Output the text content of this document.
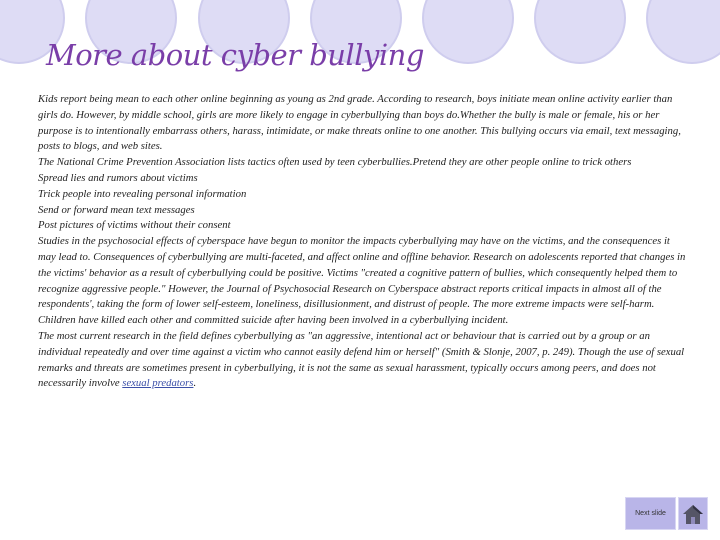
More about cyber bullying

Kids report being mean to each other online beginning as young as 2nd grade. According to research, boys initiate mean online activity earlier than girls do. However, by middle school, girls are more likely to engage in cyberbullying than boys do.Whether the bully is male or female, his or her purpose is to intentionally embarrass others, harass, intimidate, or make threats online to one another. This bullying occurs via email, text messaging, posts to blogs, and web sites.

The National Crime Prevention Association lists tactics often used by teen cyberbullies.Pretend they are other people online to trick others

Spread lies and rumors about victims

Trick people into revealing personal information

Send or forward mean text messages

Post pictures of victims without their consent

Studies in the psychosocial effects of cyberspace have begun to monitor the impacts cyberbullying may have on the victims, and the consequences it may lead to. Consequences of cyberbullying are multi-faceted, and affect online and offline behavior. Research on adolescents reported that changes in the victims' behavior as a result of cyberbullying could be positive. Victims "created a cognitive pattern of bullies, which consequently helped them to recognize aggressive people." However, the Journal of Psychosocial Research on Cyberspace abstract reports critical impacts in almost all of the respondents', taking the form of lower self-esteem, loneliness, disillusionment, and distrust of people. The more extreme impacts were self-harm. Children have killed each other and committed suicide after having been involved in a cyberbullying incident.

The most current research in the field defines cyberbullying as "an aggressive, intentional act or behaviour that is carried out by a group or an individual repeatedly and over time against a victim who cannot easily defend him or herself" (Smith & Slonje, 2007, p. 249). Though the use of sexual remarks and threats are sometimes present in cyberbullying, it is not the same as sexual harassment, typically occurs among peers, and does not necessarily involve sexual predators.

Next slide
